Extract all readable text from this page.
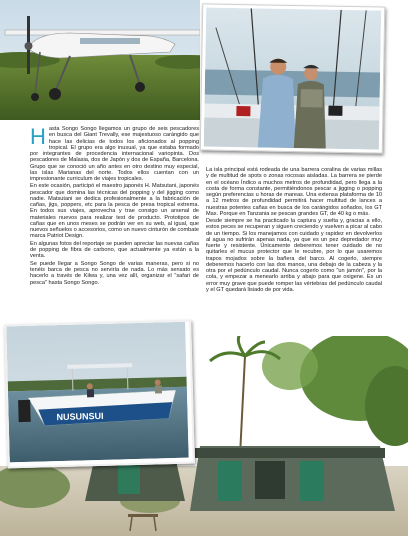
Hasta Songo Songo llegamos un grupo de seis pescadores en busca del Giant Trevally, ese majestuoso carángido que hace las delicias de todos los aficionados al popping tropical. El grupo era algo inusual, ya que estaba formado por integrantes de procedencia internacional variopinta. Dos pescadores de Malasia, dos de Japón y dos de España, Barcelona. Grupo que se conoció un año antes en otro destino muy especial, las islas Marianas del norte. Todos ellos cuentan con un impresionante curriculum de viajes tropicales.

En este ocasión, participó el maestro japonés H. Matsutani, japonés pescador que domina las técnicas del popping y del jigging como nadie. Matsutani se dedica profesionalmente a la fabricación de cañas, jigs, poppers, etc para la pesca de presa tropical extrema. En todos sus viajes, aprovecha y trae consigo un arsenal de materiales nuevos para realizar test de producto. Prototipos de cañas que en unos meses se podrán ver en su web, al igual, que nuevos señuelos o accesorios, como un nuevo cinturón de combate marca Patriot Design.

En algunas fotos del reportaje se pueden apreciar las nuevas cañas de popping de fibra de carbono, que actualmente ya están a la venta.

Se puede llegar a Songo Songo de varias maneras, pero si no tenéis barca de pesca no serviría de nada. Lo más sensato es hacerlo a través de Kilwa y, una vez allí, organizar el "safari de pesca" hasta Songo Songo.

La isla principal está rodeada de una barrera coralina de varias millas y de multitud de spots o zonas rocosas aisladas. La barrera se pierde en el océano Índico a muchos metros de profundidad, pero llega a la costa de forma constante, permitiéndonos pescar a jigging o popping según preferencias u horas de mareas. Una extensa plataforma de 10 a 12 metros de profundidad permitirá hacer multitud de lances a nuestras potentes cañas en busca de los carángidos soñados, los GT Max. Porque en Tanzania se pescan grandes GT, de 40 kg o más.

Desde siempre se ha practicado la captura y suelta y, gracias a ello, estos peces se recuperan y siguen creciendo y vuelven a picar al cabo de un tiempo. Si los manejamos con cuidado y rapidez en devolverlos al agua no sufrirán apenas nada, ya que es un pez depredador muy fuerte y resistente. Únicamente deberemos tener cuidado de no quitarles el mucus protector que le recubre, por lo que usaremos trapos mojados sobre la bañera del barco. Al cogerlo, siempre deberemos hacerlo con las dos manos, una debajo de la cabeza y la otra por el pedúnculo caudal. Nunca cogerlo como "un jamón", por la cola, y empezar a menearlo arriba y abajo para que oxigene. Es un error muy grave que puede romper las vértebras del pedúnculo caudal y el GT quedará lisiado de por vida.

NUSUNSUI
